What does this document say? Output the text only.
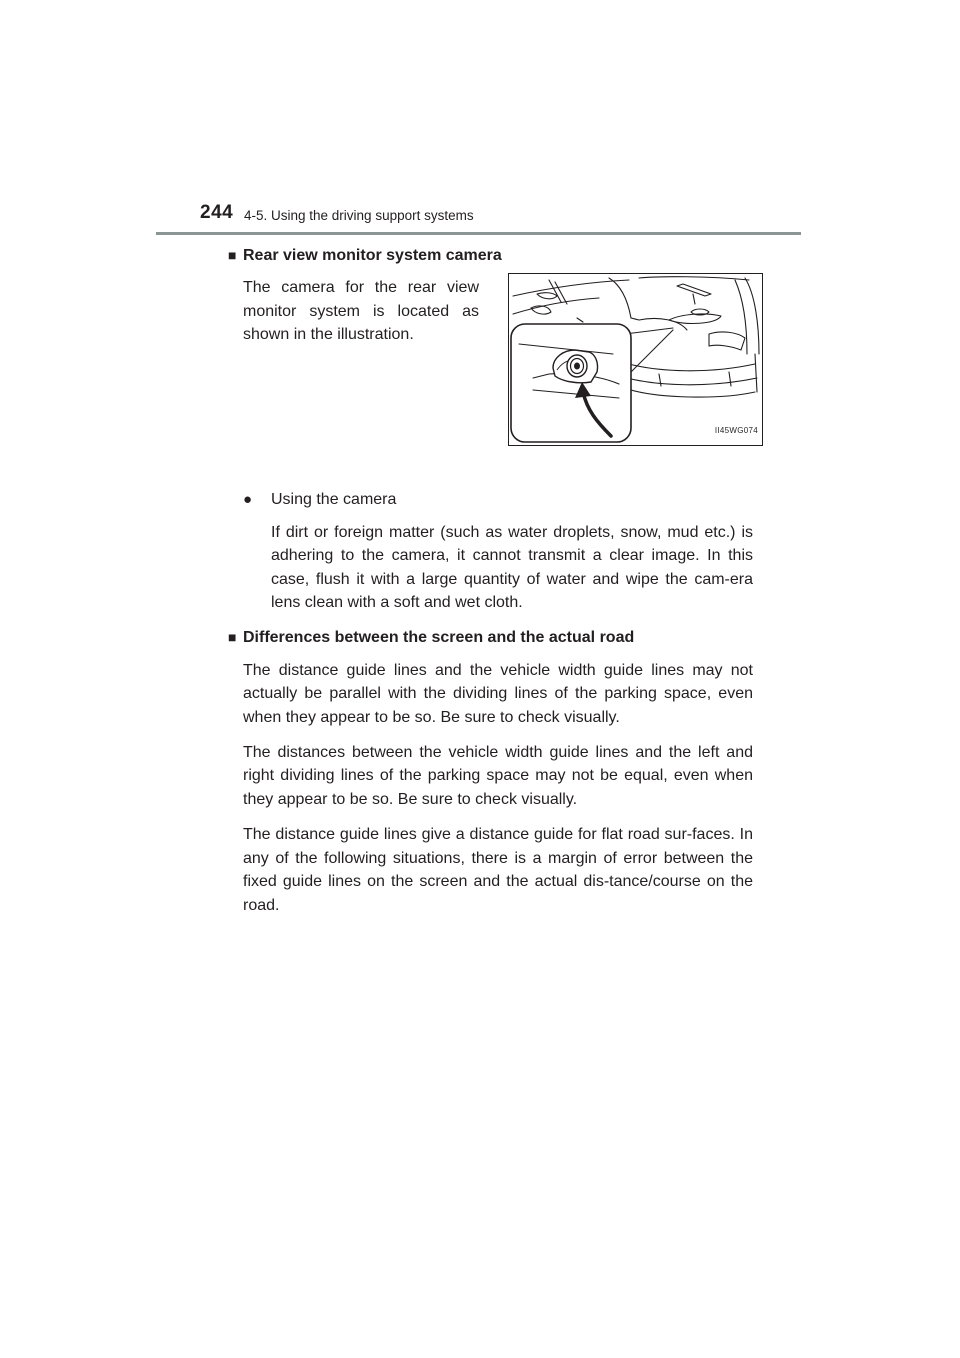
244 4-5. Using the driving support systems
■ Rear view monitor system camera

The camera for the rear view monitor system is located as shown in the illustration.

II45WG074
●	Using the camera

If dirt or foreign matter (such as water droplets, snow, mud etc.) is adhering to the camera, it cannot transmit a clear image. In this case, flush it with a large quantity of water and wipe the cam-era lens clean with a soft and wet cloth.

■ Differences between the screen and the actual road

The distance guide lines and the vehicle width guide lines may not actually be parallel with the dividing lines of the parking space, even when they appear to be so. Be sure to check visually.

The distances between the vehicle width guide lines and the left and right dividing lines of the parking space may not be equal, even when they appear to be so. Be sure to check visually.

The distance guide lines give a distance guide for flat road sur-faces. In any of the following situations, there is a margin of error between the fixed guide lines on the screen and the actual dis-tance/course on the road.
